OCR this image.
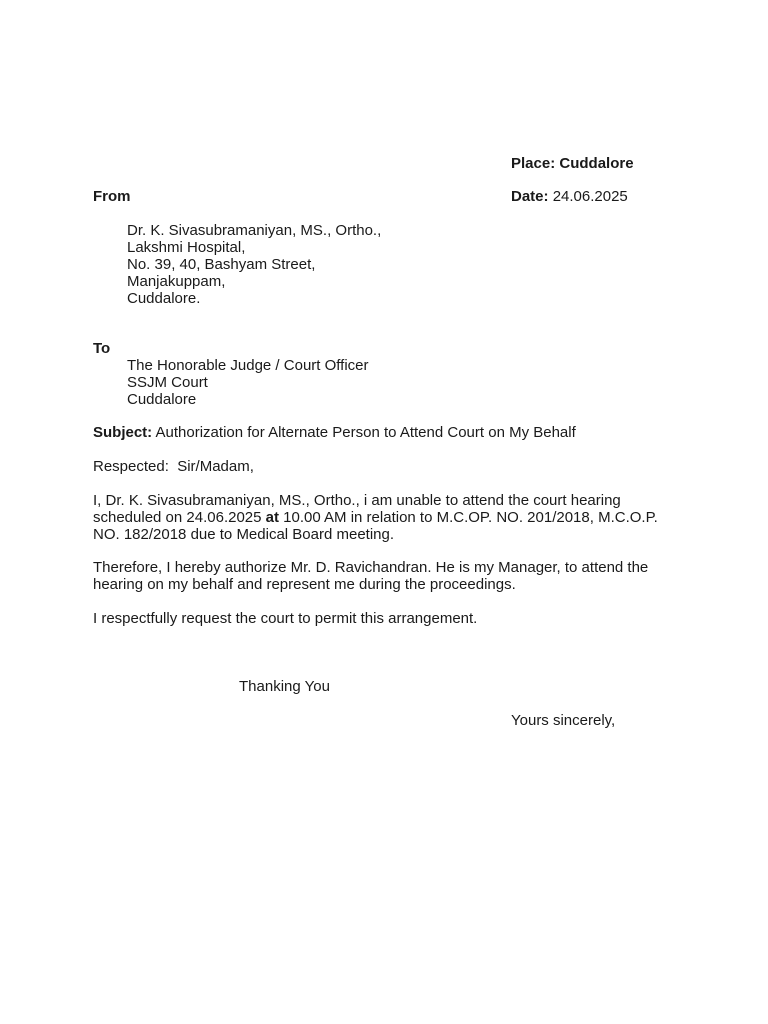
Place: Cuddalore
From	Date: 24.06.2025
Dr. K. Sivasubramaniyan, MS., Ortho.,
Lakshmi Hospital,
No. 39, 40, Bashyam Street,
Manjakuppam,
Cuddalore.
To
The Honorable Judge / Court Officer
SSJM Court
Cuddalore
Subject: Authorization for Alternate Person to Attend Court on My Behalf
Respected:  Sir/Madam,
I, Dr. K. Sivasubramaniyan, MS., Ortho., i am unable to attend the court hearing scheduled on 24.06.2025 at 10.00 AM in relation to M.C.OP. NO. 201/2018, M.C.O.P. NO. 182/2018 due to Medical Board meeting.
Therefore, I hereby authorize Mr. D. Ravichandran. He is my Manager, to attend the hearing on my behalf and represent me during the proceedings.
I respectfully request the court to permit this arrangement.
Thanking You
Yours sincerely,
